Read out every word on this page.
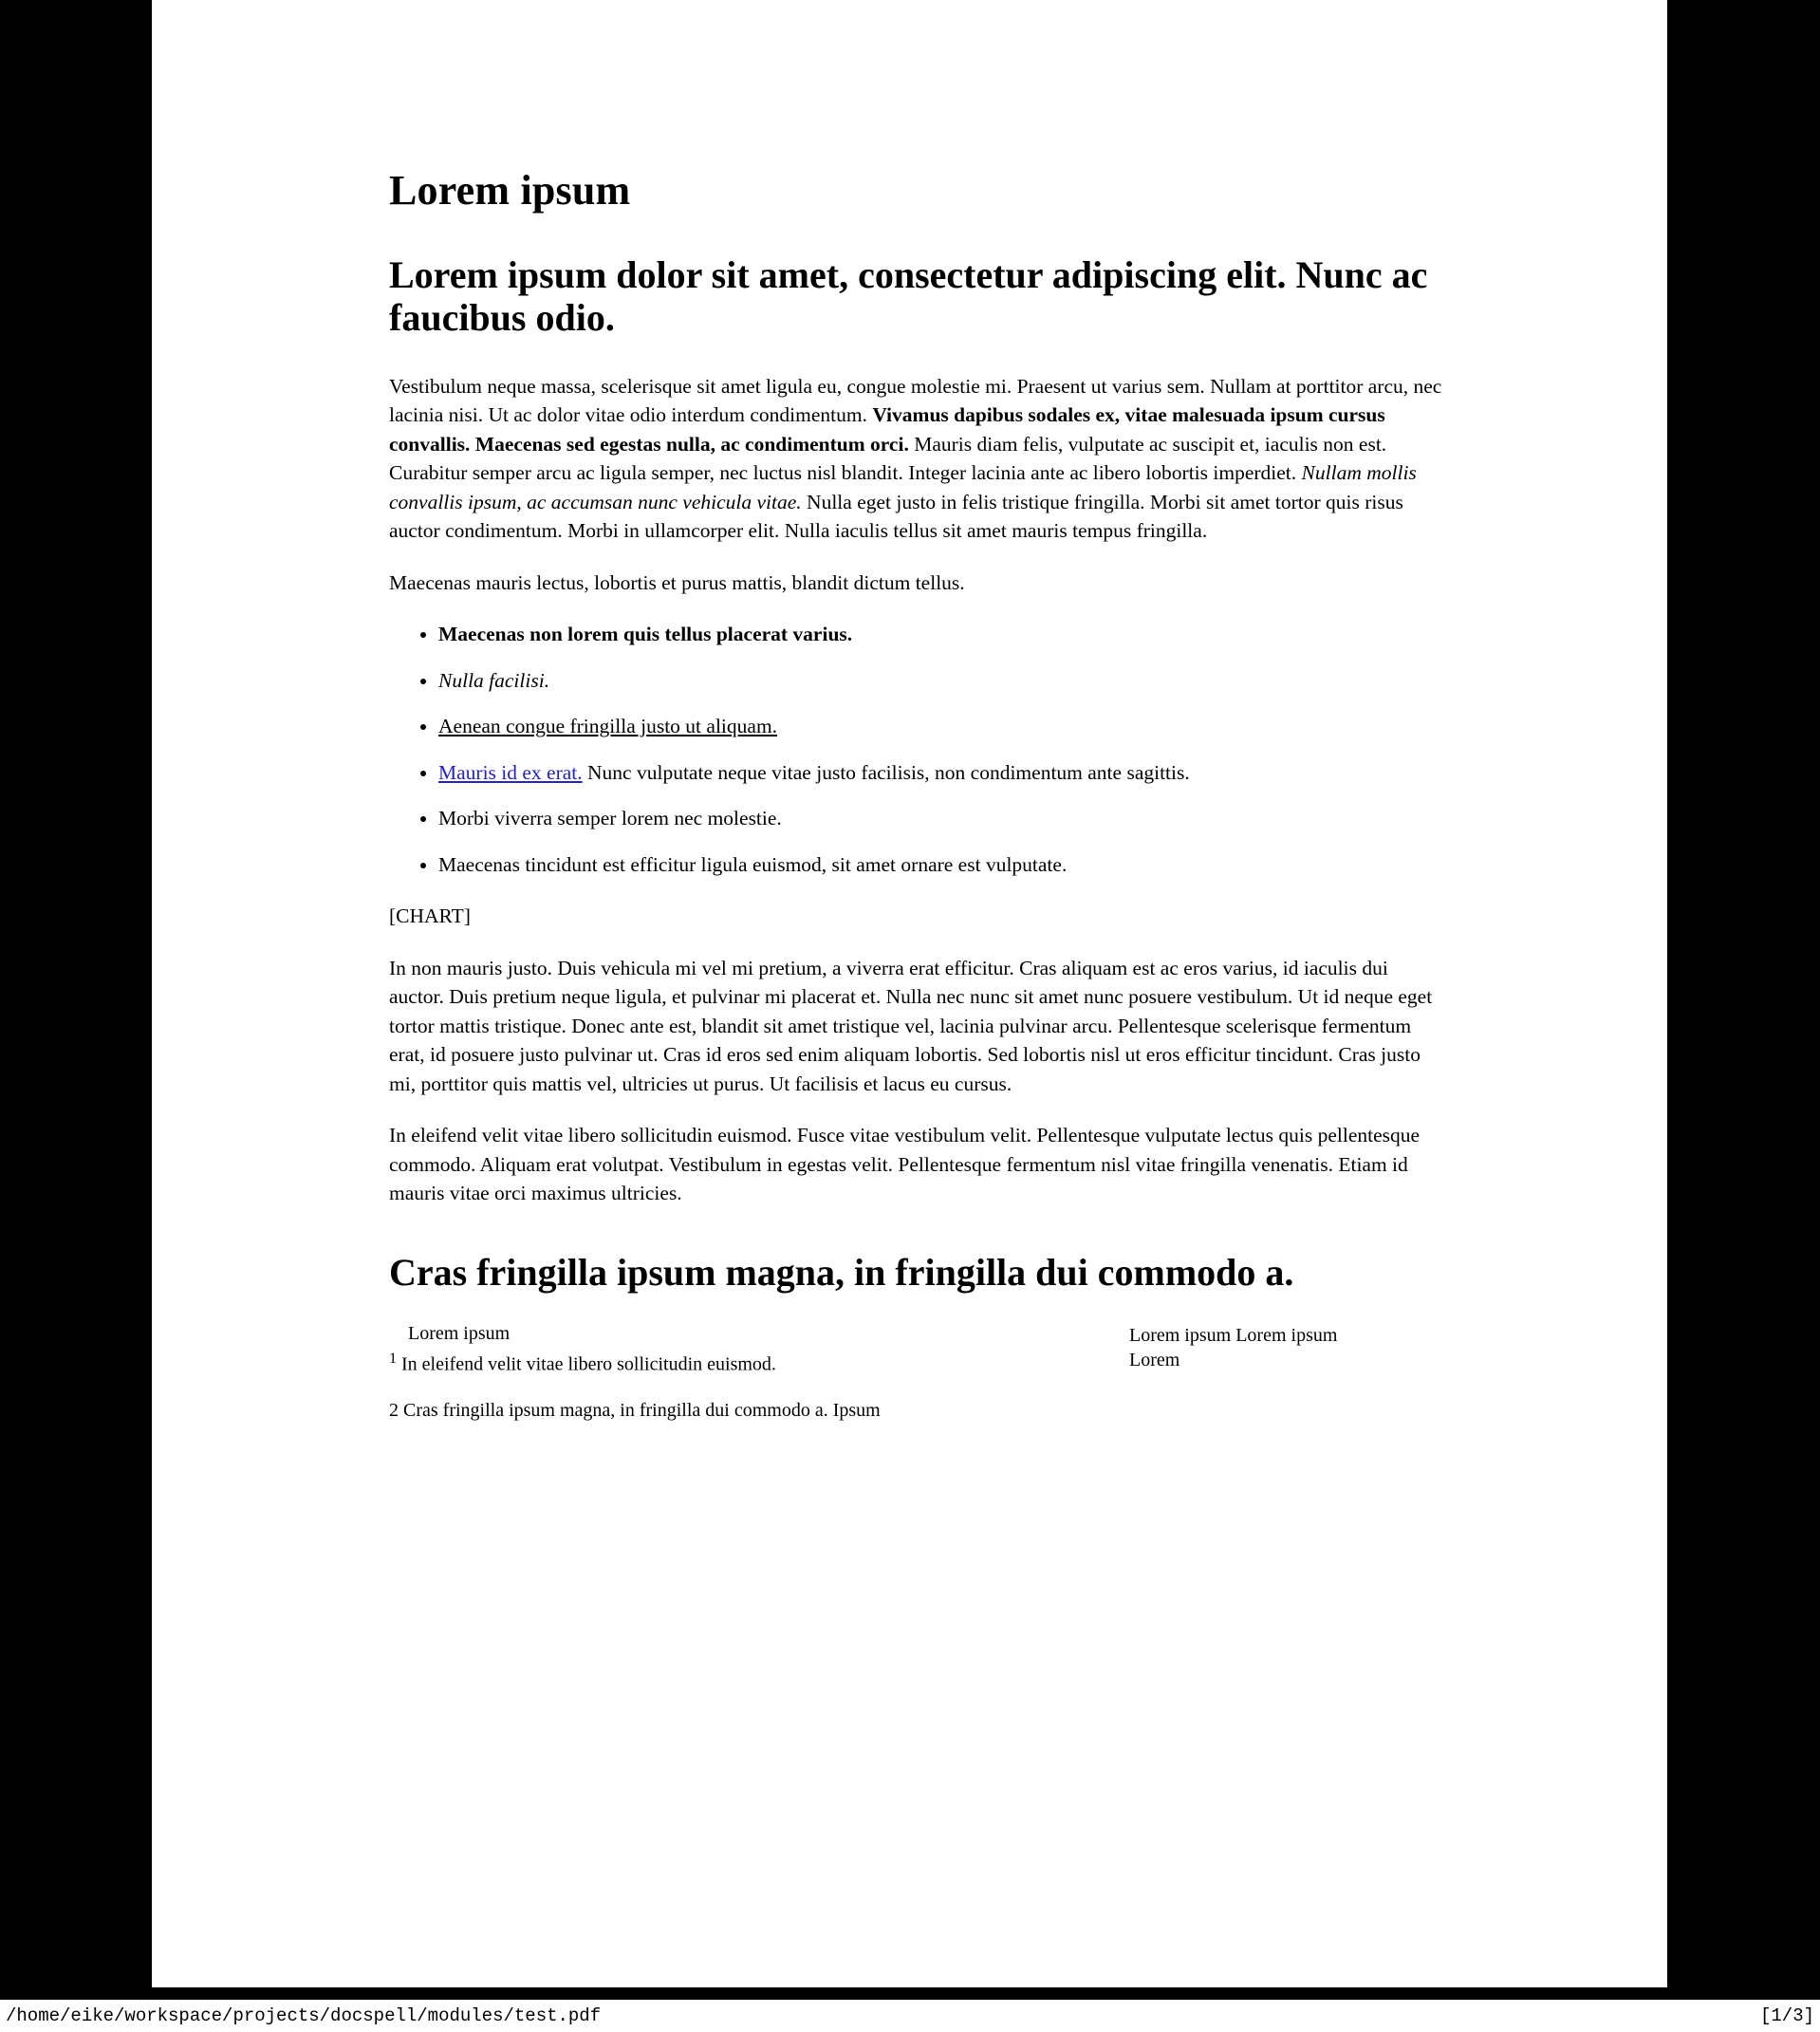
Lorem ipsum
Lorem ipsum dolor sit amet, consectetur adipiscing elit. Nunc ac faucibus odio.

Vestibulum neque massa, scelerisque sit amet ligula eu, congue molestie mi. Praesent ut varius sem. Nullam at porttitor arcu, nec lacinia nisi. Ut ac dolor vitae odio interdum condimentum. Vivamus dapibus sodales ex, vitae malesuada ipsum cursus convallis. Maecenas sed egestas nulla, ac condimentum orci. Mauris diam felis, vulputate ac suscipit et, iaculis non est. Curabitur semper arcu ac ligula semper, nec luctus nisl blandit. Integer lacinia ante ac libero lobortis imperdiet. Nullam mollis convallis ipsum, ac accumsan nunc vehicula vitae. Nulla eget justo in felis tristique fringilla. Morbi sit amet tortor quis risus auctor condimentum. Morbi in ullamcorper elit. Nulla iaculis tellus sit amet mauris tempus fringilla.

Maecenas mauris lectus, lobortis et purus mattis, blandit dictum tellus.

• Maecenas non lorem quis tellus placerat varius.
• Nulla facilisi.
• Aenean congue fringilla justo ut aliquam.
• Mauris id ex erat. Nunc vulputate neque vitae justo facilisis, non condimentum ante sagittis.
• Morbi viverra semper lorem nec molestie.
• Maecenas tincidunt est efficitur ligula euismod, sit amet ornare est vulputate.

[CHART]

In non mauris justo. Duis vehicula mi vel mi pretium, a viverra erat efficitur. Cras aliquam est ac eros varius, id iaculis dui auctor. Duis pretium neque ligula, et pulvinar mi placerat et. Nulla nec nunc sit amet nunc posuere vestibulum. Ut id neque eget tortor mattis tristique. Donec ante est, blandit sit amet tristique vel, lacinia pulvinar arcu. Pellentesque scelerisque fermentum erat, id posuere justo pulvinar ut. Cras id eros sed enim aliquam lobortis. Sed lobortis nisl ut eros efficitur tincidunt. Cras justo mi, porttitor quis mattis vel, ultricies ut purus. Ut facilisis et lacus eu cursus.

In eleifend velit vitae libero sollicitudin euismod. Fusce vitae vestibulum velit. Pellentesque vulputate lectus quis pellentesque commodo. Aliquam erat volutpat. Vestibulum in egestas velit. Pellentesque fermentum nisl vitae fringilla venenatis. Etiam id mauris vitae orci maximus ultricies.

Cras fringilla ipsum magna, in fringilla dui commodo a.
Lorem ipsum
$^1$ In eleifend velit vitae libero sollicitudin euismod.
Lorem ipsum Lorem ipsum
Lorem
2 Cras fringilla ipsum magna, in fringilla dui commodo a. Ipsum
/home/eike/workspace/projects/docspell/modules/test.pdf	[1/3]
